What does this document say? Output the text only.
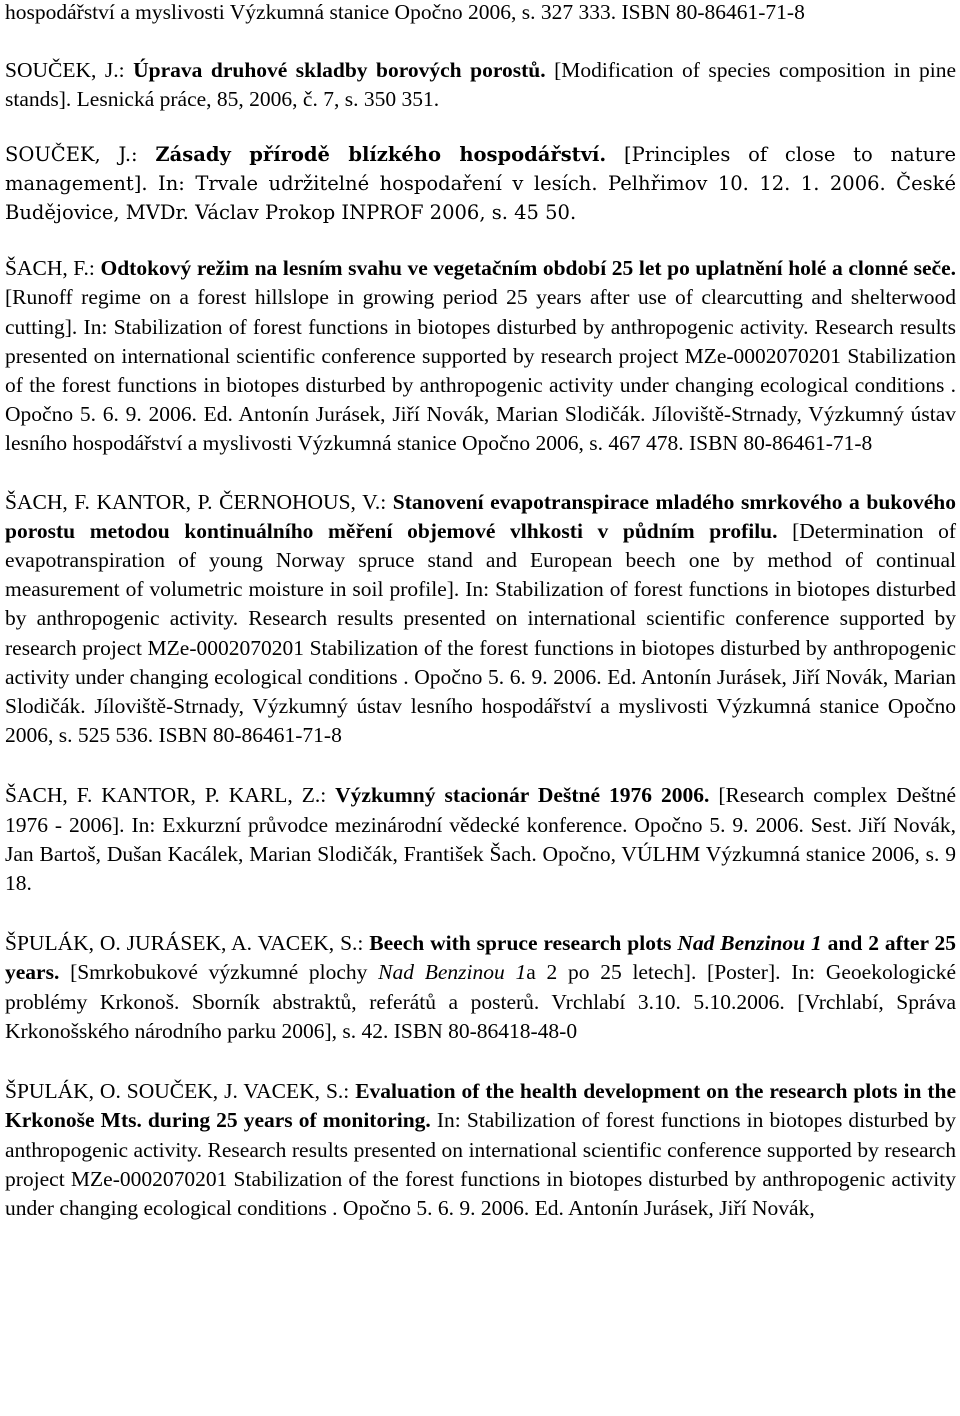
hospodářství a myslivosti Výzkumná stanice Opočno 2006, s. 327 333. ISBN 80-86461-71-8

SOUČEK, J.: Úprava druhové skladby borových porostů. [Modification of species composition in pine stands]. Lesnická práce, 85, 2006, č. 7, s. 350 351.

SOUČEK, J.: Zásady přírodě blízkého hospodářství. [Principles of close to nature management]. In: Trvale udržitelné hospodaření v lesích. Pelhřimov 10. 12. 1. 2006. České Budějovice, MVDr. Václav Prokop INPROF 2006, s. 45 50.

ŠACH, F.: Odtokový režim na lesním svahu ve vegetačním období 25 let po uplatnění holé a clonné seče. [Runoff regime on a forest hillslope in growing period 25 years after use of clearcutting and shelterwood cutting]. In: Stabilization of forest functions in biotopes disturbed by anthropogenic activity. Research results presented on international scientific conference supported by research project MZe-0002070201 Stabilization of the forest functions in biotopes disturbed by anthropogenic activity under changing ecological conditions . Opočno 5. 6. 9. 2006. Ed. Antonín Jurásek, Jiří Novák, Marian Slodičák. Jíloviště-Strnady, Výzkumný ústav lesního hospodářství a myslivosti Výzkumná stanice Opočno 2006, s. 467 478. ISBN 80-86461-71-8

ŠACH, F. KANTOR, P. ČERNOHOUS, V.: Stanovení evapotranspirace mladého smrkového a bukového porostu metodou kontinuálního měření objemové vlhkosti v půdním profilu. [Determination of evapotranspiration of young Norway spruce stand and European beech one by method of continual measurement of volumetric moisture in soil profile]. In: Stabilization of forest functions in biotopes disturbed by anthropogenic activity. Research results presented on international scientific conference supported by research project MZe-0002070201 Stabilization of the forest functions in biotopes disturbed by anthropogenic activity under changing ecological conditions . Opočno 5. 6. 9. 2006. Ed. Antonín Jurásek, Jiří Novák, Marian Slodičák. Jíloviště-Strnady, Výzkumný ústav lesního hospodářství a myslivosti Výzkumná stanice Opočno 2006, s. 525 536. ISBN 80-86461-71-8

ŠACH, F. KANTOR, P. KARL, Z.: Výzkumný stacionár Deštné 1976 2006. [Research complex Deštné 1976 - 2006]. In: Exkurzní průvodce mezinárodní vědecké konference. Opočno 5. 9. 2006. Sest. Jiří Novák, Jan Bartoš, Dušan Kacálek, Marian Slodičák, František Šach. Opočno, VÚLHM Výzkumná stanice 2006, s. 9 18.

ŠPULÁK, O. JURÁSEK, A. VACEK, S.: Beech with spruce research plots Nad Benzinou 1 and 2 after 25 years. [Smrkobukové výzkumné plochy Nad Benzinou 1a 2 po 25 letech]. [Poster]. In: Geoekologické problémy Krkonoš. Sborník abstraktů, referátů a posterů. Vrchlabí 3.10. 5.10.2006. [Vrchlabí, Správa Krkonošského národního parku 2006], s. 42. ISBN 80-86418-48-0

ŠPULÁK, O. SOUČEK, J. VACEK, S.: Evaluation of the health development on the research plots in the Krkonoše Mts. during 25 years of monitoring. In: Stabilization of forest functions in biotopes disturbed by anthropogenic activity. Research results presented on international scientific conference supported by research project MZe-0002070201 Stabilization of the forest functions in biotopes disturbed by anthropogenic activity under changing ecological conditions . Opočno 5. 6. 9. 2006. Ed. Antonín Jurásek, Jiří Novák,
